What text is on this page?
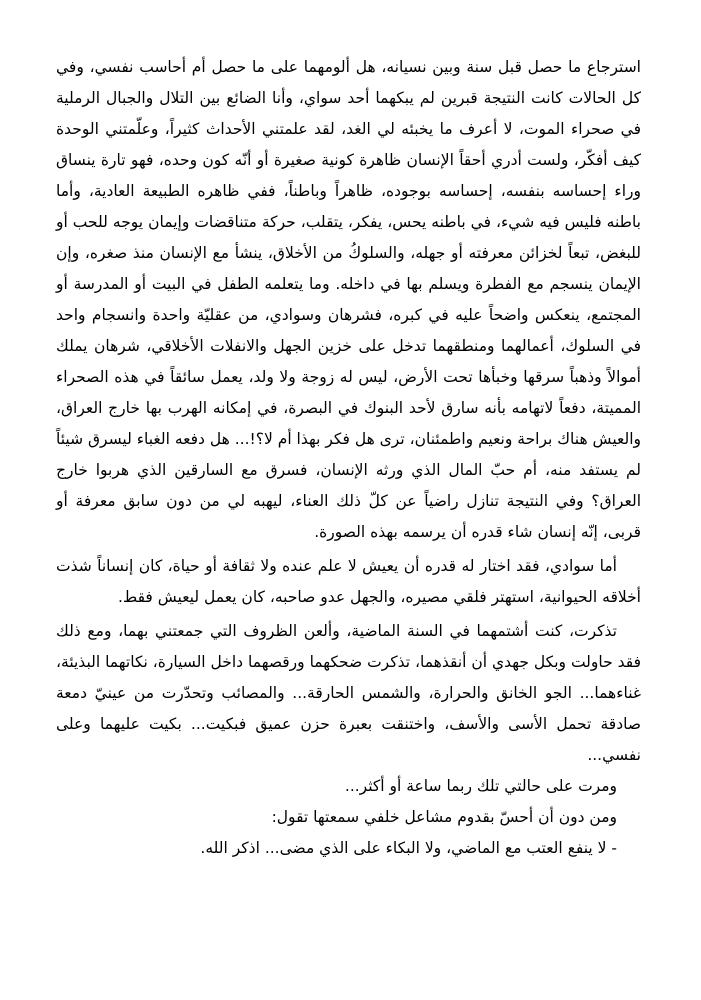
استرجاع ما حصل قبل سنة وبين نسيانه، هل ألومهما على ما حصل أم أحاسب نفسي، وفي كل الحالات كانت النتيجة قبرين لم يبكهما أحد سواي، وأنا الضائع بين التلال والجبال الرملية في صحراء الموت، لا أعرف ما يخبئه لي الغد، لقد علمتني الأحداث كثيراً، وعلّمتني الوحدة كيف أفكّر، ولست أدري أحقاً الإنسان ظاهرة كونية صغيرة أو أنّه كون وحده، فهو تارة ينساق وراء إحساسه بنفسه، إحساسه بوجوده، ظاهراً وباطناً، ففي ظاهره الطبيعة العادية، وأما باطنه فليس فيه شيء، في باطنه يحس، يفكر، يتقلب، حركة متناقضات وإيمان يوجه للحب أو للبغض، تبعاً لخزائن معرفته أو جهله، والسلوكُ من الأخلاق، ينشأ مع الإنسان منذ صغره، وإن الإيمان ينسجم مع الفطرة ويسلم بها في داخله. وما يتعلمه الطفل في البيت أو المدرسة أو المجتمع، ينعكس واضحاً عليه في كبره، فشرهان وسوادي، من عقليّة واحدة وانسجام واحد في السلوك، أعمالهما ومنطقهما تدخل على خزين الجهل والانفلات الأخلاقي، شرهان يملك أموالاً وذهباً سرقها وخبأها تحت الأرض، ليس له زوجة ولا ولد، يعمل سائقاً في هذه الصحراء المميتة، دفعاً لاتهامه بأنه سارق لأحد البنوك في البصرة، في إمكانه الهرب بها خارج العراق، والعيش هناك براحة ونعيم واطمئنان، ترى هل فكر بهذا أم لا؟!... هل دفعه الغباء ليسرق شيئاً لم يستفد منه، أم حبّ المال الذي ورثه الإنسان، فسرق مع السارقين الذي هربوا خارج العراق؟ وفي النتيجة تنازل راضياً عن كلّ ذلك العناء، ليهبه لي من دون سابق معرفة أو قربى، إنّه إنسان شاء قدره أن يرسمه بهذه الصورة.

أما سوادي، فقد اختار له قدره أن يعيش لا علم عنده ولا ثقافة أو حياة، كان إنساناً شذت أخلاقه الحيوانية، استهتر فلقي مصيره، والجهل عدو صاحبه، كان يعمل ليعيش فقط.

تذكرت، كنت أشتمهما في السنة الماضية، وألعن الظروف التي جمعتني بهما، ومع ذلك فقد حاولت وبكل جهدي أن أنقذهما، تذكرت ضحكهما ورقصهما داخل السيارة، نكاتهما البذيئة، غناءهما... الجو الخانق والحرارة، والشمس الحارقة... والمصائب وتحدّرت من عينيّ دمعة صادقة تحمل الأسى والأسف، واختنقت بعبرة حزن عميق فبكيت... بكيت عليهما وعلى نفسي...

ومرت على حالتي تلك ربما ساعة أو أكثر...

ومن دون أن أحسّ بقدوم مشاعل خلفي سمعتها تقول:

- لا ينفع العتب مع الماضي، ولا البكاء على الذي مضى... اذكر الله.
